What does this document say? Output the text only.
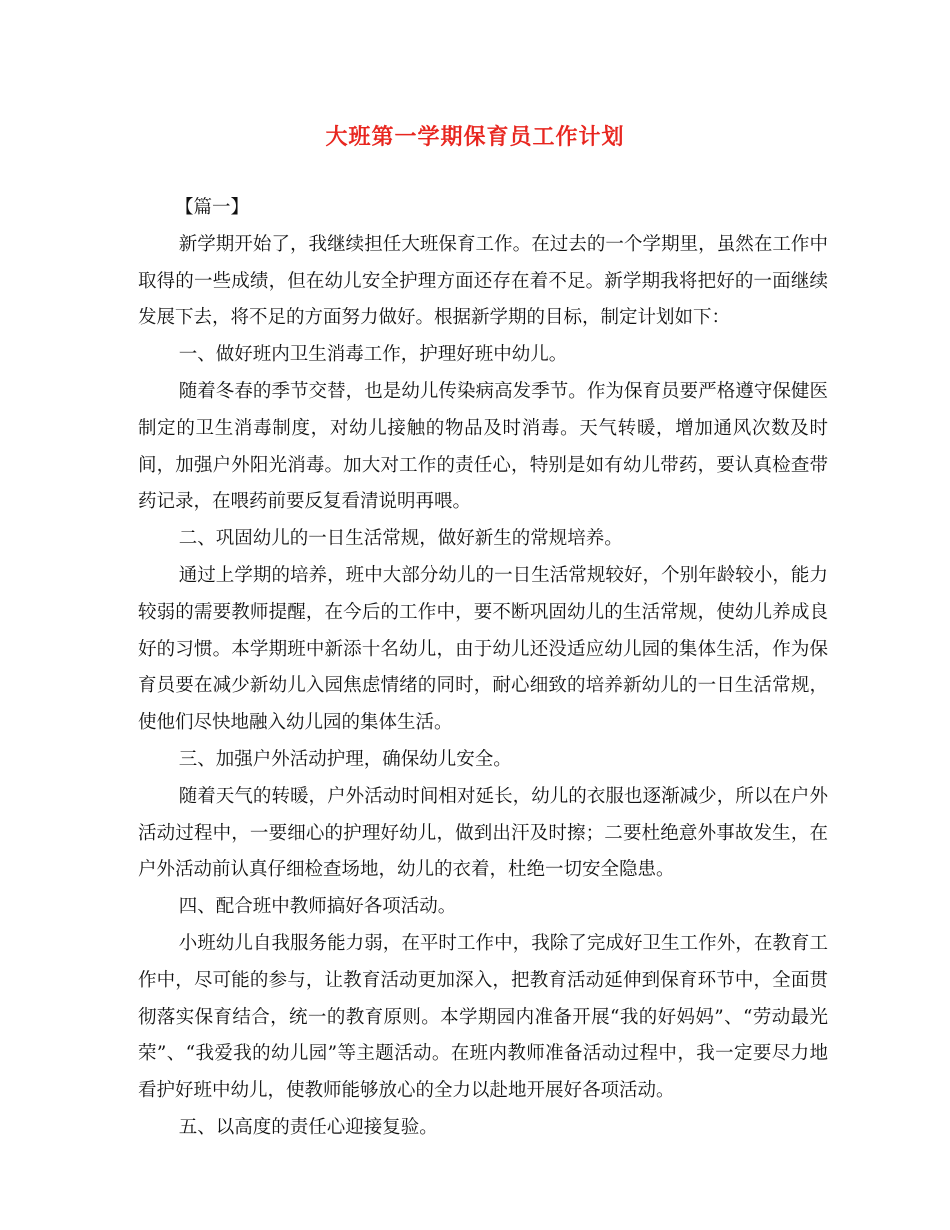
大班第一学期保育员工作计划

【篇一】

新学期开始了，我继续担任大班保育工作。在过去的一个学期里，虽然在工作中取得的一些成绩，但在幼儿安全护理方面还存在着不足。新学期我将把好的一面继续发展下去，将不足的方面努力做好。根据新学期的目标，制定计划如下：

一、做好班内卫生消毒工作，护理好班中幼儿。

随着冬春的季节交替，也是幼儿传染病高发季节。作为保育员要严格遵守保健医制定的卫生消毒制度，对幼儿接触的物品及时消毒。天气转暖，增加通风次数及时间，加强户外阳光消毒。加大对工作的责任心，特别是如有幼儿带药，要认真检查带药记录，在喂药前要反复看清说明再喂。

二、巩固幼儿的一日生活常规，做好新生的常规培养。

通过上学期的培养，班中大部分幼儿的一日生活常规较好，个别年龄较小，能力较弱的需要教师提醒，在今后的工作中，要不断巩固幼儿的生活常规，使幼儿养成良好的习惯。本学期班中新添十名幼儿，由于幼儿还没适应幼儿园的集体生活，作为保育员要在减少新幼儿入园焦虑情绪的同时，耐心细致的培养新幼儿的一日生活常规，使他们尽快地融入幼儿园的集体生活。

三、加强户外活动护理，确保幼儿安全。

随着天气的转暖，户外活动时间相对延长，幼儿的衣服也逐渐减少，所以在户外活动过程中，一要细心的护理好幼儿，做到出汗及时擦；二要杜绝意外事故发生，在户外活动前认真仔细检查场地，幼儿的衣着，杜绝一切安全隐患。

四、配合班中教师搞好各项活动。

小班幼儿自我服务能力弱，在平时工作中，我除了完成好卫生工作外，在教育工作中，尽可能的参与，让教育活动更加深入，把教育活动延伸到保育环节中，全面贯彻落实保育结合，统一的教育原则。本学期园内准备开展“我的好妈妈”、“劳动最光荣”、“我爱我的幼儿园”等主题活动。在班内教师准备活动过程中，我一定要尽力地看护好班中幼儿，使教师能够放心的全力以赴地开展好各项活动。

五、以高度的责任心迎接复验。
